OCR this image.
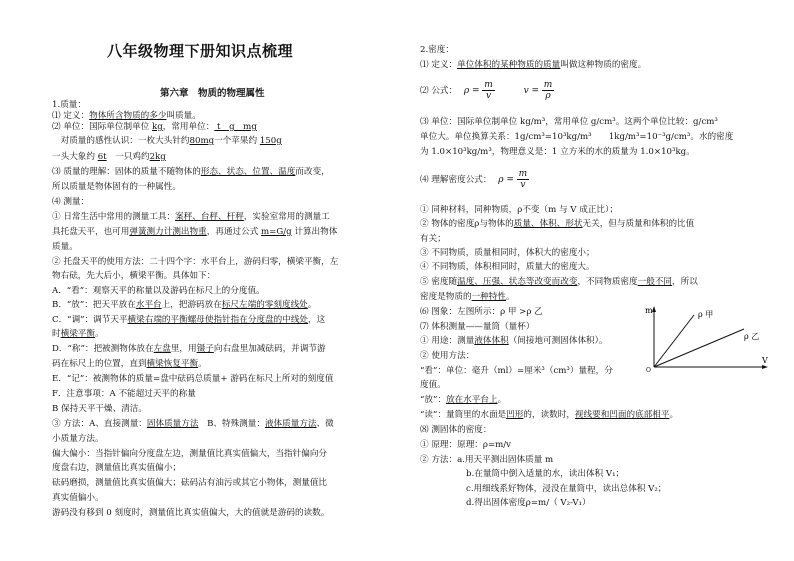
八年级物理下册知识点梳理
第六章　物质的物理属性
1.质量：
⑴ 定义：物体所含物质的多少叫质量。
⑵ 单位：国际单位制单位 kg，常用单位： t　g　mg
　对质量的感性认识：一枚大头针约80mg一个苹果约 150g
一头大象约 6t　一只鸡约2kg
⑶ 质量的理解：固体的质量不随物体的形态、状态、位置、温度而改变，
所以质量是物体固有的一种属性。
⑷ 测量：
① 日常生活中常用的测量工具：案秤、台秤、杆秤，实验室常用的测量工
具托盘天平，也可用弹簧测力计测出物重，再通过公式 m=G/g 计算出物体
质量。
② 托盘天平的使用方法：二十四个字：水平台上，游码归零，横梁平衡，左
物右砝，先大后小，横梁平衡。具体如下：
A．“看”：观察天平的称量以及游码在标尺上的分度值。
B．“放”：把天平放在水平台上，把游码放在标尺左端的零刻度线处。
C．“调”：调节天平横梁右端的平衡螺母使指针指在分度盘的中线处，这
时横梁平衡。
D．“称”：把被测物体放在左盘里，用镊子向右盘里加减砝码，并调节游
码在标尺上的位置，直到横梁恢复平衡。
E．“记”：被测物体的质量=盘中砝码总质量+ 游码在标尺上所对的刻度值
F．注意事项：A 不能超过天平的称量
B 保持天平干燥、清洁。
③ 方法：A、直接测量：固体质量方法　B、特殊测量：液体质量方法、微
小质量方法。
偏大偏小：当指针偏向分度盘左边，测量值比真实值偏大，当指针偏向分
度盘右边，测量值比真实值偏小；
砝码磨损，测量值比真实值偏大；砝码沾有油污或其它小物体，测量值比
真实值偏小。
游码没有移到 0 刻度时，测量值比真实值偏大，大的值就是游码的读数。
2.密度：
⑴ 定义：单位体积的某种物质的质量叫做这种物质的密度。
⑵ 公式： $\rho = \frac{m}{v}$	$v = \frac{m}{\rho}$
⑶ 单位：国际单位制单位 kg/m³，常用单位 g/cm³。这两个单位比较：g/cm³
单位大。单位换算关系：1g/cm³=10³kg/m³　　1kg/m³=10⁻³g/cm³。水的密度
为 1.0×10³kg/m³，物理意义是：1 立方米的水的质量为 1.0×10³kg。
⑷ 理解密度公式： $\rho = \frac{m}{v}$
① 同种材料，同种物质，ρ不变（m 与 V 成正比）；
② 物体的密度ρ与物体的质量、体积、形状无关，但与质量和体积的比值
有关；
③ 不同物质，质量相同时，体积大的密度小；
④ 不同物质，体积相同时，质量大的密度大。
⑤ 密度随温度、压强、状态等改变而改变，不同物质密度一般不同，所以
密度是物质的一种特性。
⑹ 图象：左图所示：ρ 甲 >ρ 乙
⑺ 体积测量——量筒（量杯）
① 用途：测量液体体积（间接地可测固体体积）。
② 使用方法：
“看”：单位：毫升（ml）=厘米³（cm³）量程，分
度值。
“放”：放在水平台上。
“读”：量筒里的水面是凹形的，读数时，视线要和凹面的底部相平。
⑻ 测固体的密度：
① 原理：原理：ρ=m/v
② 方法：a.用天平测出固体质量 m
b.在量筒中倒入适量的水，读出体积 V₁；
c.用细线系好物体，浸没在量筒中，读出总体积 V₂；
d.得出固体密度ρ=m/（ V₂-V₁）
m
V
O
ρ 甲
ρ 乙
